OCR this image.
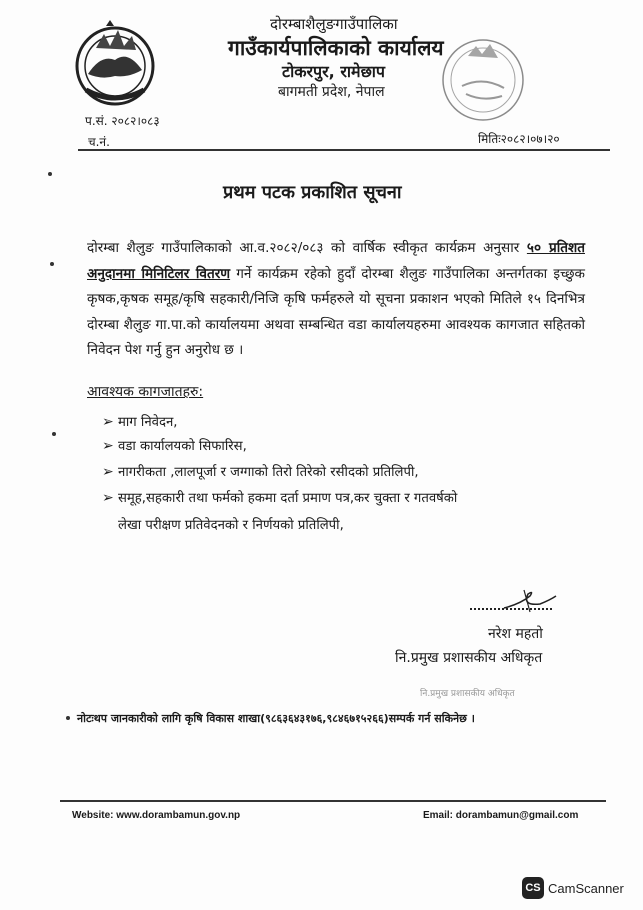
दोरम्बाशैलुङगाउँपालिका
गाउँकार्यपालिकाको कार्यालय
टोकरपुर, रामेछाप
बागमती प्रदेश, नेपाल
प.सं. २०८२।०८३
च.नं.	मितिः२०८२।०७।२०
प्रथम पटक प्रकाशित सूचना
दोरम्बा शैलुङ गाउँपालिकाको आ.व.२०८२/०८३ को वार्षिक स्वीकृत कार्यक्रम अनुसार ५० प्रतिशत अनुदानमा मिनिटिलर वितरण गर्ने कार्यक्रम रहेको हुदाँ दोरम्बा शैलुङ गाउँपालिका अन्तर्गतका इच्छुक कृषक,कृषक समूह/कृषि सहकारी/निजि कृषि फर्महरुले यो सूचना प्रकाशन भएको मितिले १५ दिनभित्र दोरम्बा शैलुङ गा.पा.को कार्यालयमा अथवा सम्बन्धित वडा कार्यालयहरुमा आवश्यक कागजात सहितको निवेदन पेश गर्नु हुन अनुरोध छ ।
आवश्यक कागजातहरु:
➢ माग निवेदन,
➢ वडा कार्यालयको सिफारिस,
➢ नागरीकता ,लालपूर्जा र जग्गाको तिरो तिरेको रसीदको प्रतिलिपी,
➢ समूह,सहकारी तथा फर्मको हकमा दर्ता प्रमाण पत्र,कर चुक्ता र गतवर्षको
लेखा परीक्षण प्रतिवेदनको र निर्णयको प्रतिलिपी,
नरेश महतो
नि.प्रमुख प्रशासकीय अधिकृत
नि.प्रमुख प्रशासकीय अधिकृत
नोटःथप जानकारीको लागि कृषि विकास शाखा(९८६३६४३१७६,९८४६७१५२६६)सम्पर्क गर्न सकिनेछ ।
Website: www.dorambamun.gov.np	Email: dorambamun@gmail.com
CS CamScanner
